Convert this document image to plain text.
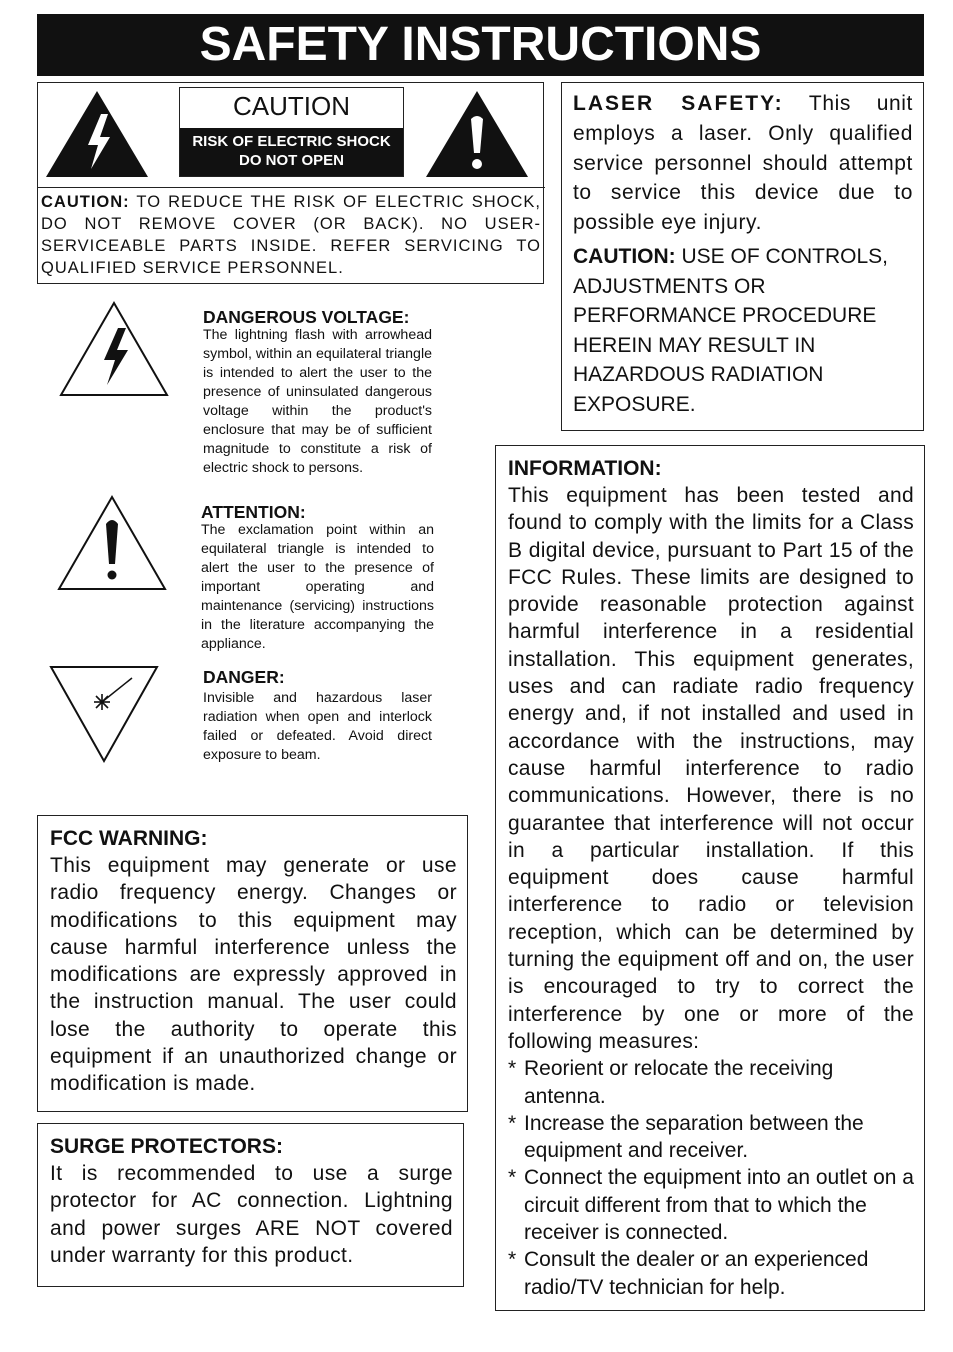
SAFETY INSTRUCTIONS
CAUTION
RISK OF ELECTRIC SHOCK
DO NOT OPEN

CAUTION: TO REDUCE THE RISK OF ELECTRIC SHOCK, DO NOT REMOVE COVER (OR BACK). NO USER-SERVICEABLE PARTS INSIDE. REFER SERVICING TO QUALIFIED SERVICE PERSONNEL.

DANGEROUS VOLTAGE:

The lightning flash with arrowhead symbol, within an equilateral triangle is intended to alert the user to the presence of uninsulated dangerous voltage within the product's enclosure that may be of sufficient magnitude to constitute a risk of electric shock to persons.

ATTENTION:

The exclamation point within an equilateral triangle is intended to alert the user to the presence of important operating and maintenance (servicing) instructions in the literature accompanying the appliance.

DANGER:

Invisible and hazardous laser radiation when open and interlock failed or defeated. Avoid direct exposure to beam.

LASER SAFETY: This unit employs a laser. Only qualified service personnel should attempt to service this device due to possible eye injury.

CAUTION: USE OF CONTROLS, ADJUSTMENTS OR PERFORMANCE PROCEDURE HEREIN MAY RESULT IN HAZARDOUS RADIATION EXPOSURE.

FCC WARNING:

This equipment may generate or use radio frequency energy. Changes or modifications to this equipment may cause harmful interference unless the modifications are expressly approved in the instruction manual. The user could lose the authority to operate this equipment if an unauthorized change or modification is made.

SURGE PROTECTORS:

It is recommended to use a surge protector for AC connection. Lightning and power surges ARE NOT covered under warranty for this product.

INFORMATION:

This equipment has been tested and found to comply with the limits for a Class B digital device, pursuant to Part 15 of the FCC Rules. These limits are designed to provide reasonable protection against harmful interference in a residential installation. This equipment generates, uses and can radiate radio frequency energy and, if not installed and used in accordance with the instructions, may cause harmful interference to radio communications. However, there is no guarantee that interference will not occur in a particular installation. If this equipment does cause harmful interference to radio or television reception, which can be determined by turning the equipment off and on, the user is encouraged to try to correct the interference by one or more of the following measures:

* Reorient or relocate the receiving antenna.
* Increase the separation between the equipment and receiver.
* Connect the equipment into an outlet on a circuit different from that to which the receiver is connected.
* Consult the dealer or an experienced radio/TV technician for help.
